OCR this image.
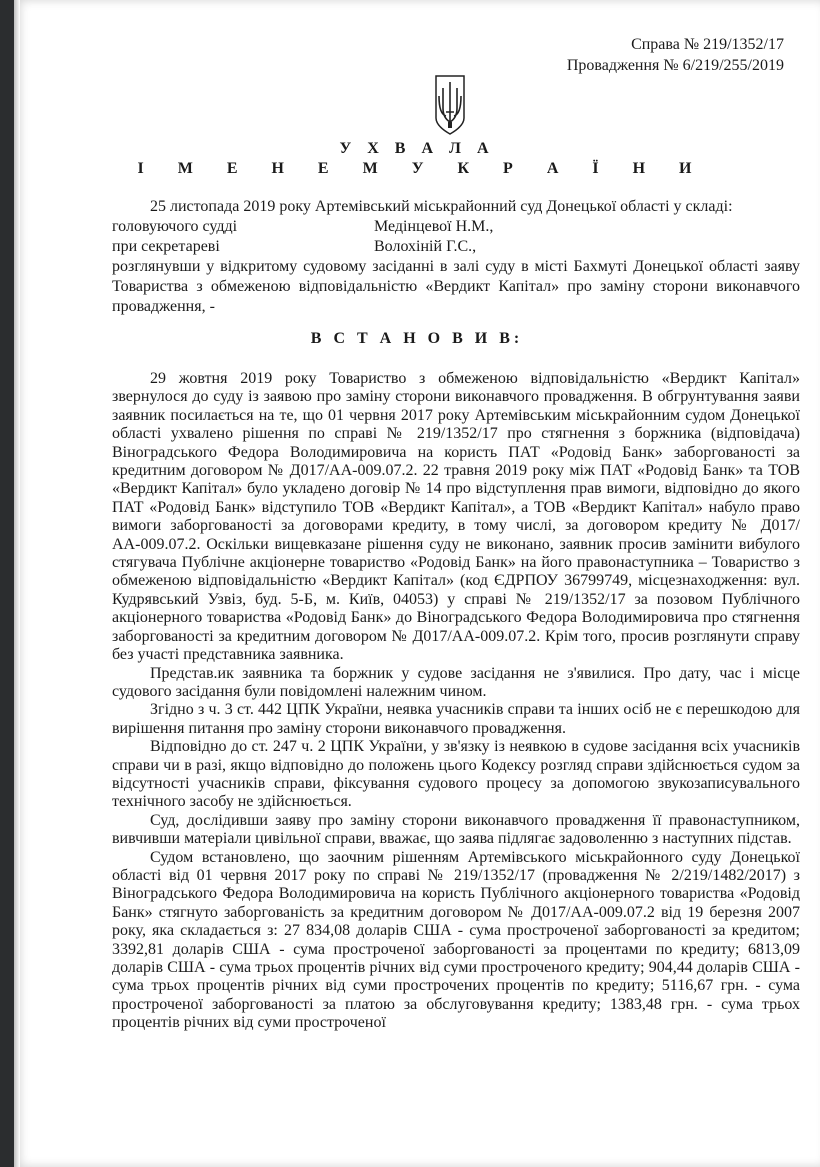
Справа № 219/1352/17
Провадження № 6/219/255/2019
У Х В А Л А
І М Е Н Е М У К Р А Ї Н И

25 листопада 2019 року Артемівський міськрайонний суд Донецької області у складі:

головуючого судді	Медінцевої Н.М.,
при секретареві	Волохіній Г.С.,

розглянувши у відкритому судовому засіданні в залі суду в місті Бахмуті Донецької області заяву Товариства з обмеженою відповідальністю «Вердикт Капітал» про заміну сторони виконавчого провадження, -

В С Т А Н О В И В:

29 жовтня 2019 року Товариство з обмеженою відповідальністю «Вердикт Капітал» звернулося до суду із заявою про заміну сторони виконавчого провадження. В обгрунтування заяви заявник посилається на те, що 01 червня 2017 року Артемівським міськрайонним судом Донецької області ухвалено рішення по справі № 219/1352/17 про стягнення з боржника (відповідача) Віноградського Федора Володимировича на користь ПАТ «Родовід Банк» заборгованості за кредитним договором № Д017/АА-009.07.2. 22 травня 2019 року між ПАТ «Родовід Банк» та ТОВ «Вердикт Капітал» було укладено договір № 14 про відступлення прав вимоги, відповідно до якого ПАТ «Родовід Банк» відступило ТОВ «Вердикт Капітал», а ТОВ «Вердикт Капітал» набуло право вимоги заборгованості за договорами кредиту, в тому числі, за договором кредиту № Д017/АА-009.07.2. Оскільки вищевказане рішення суду не виконано, заявник просив замінити вибулого стягувача Публічне акціонерне товариство «Родовід Банк» на його правонаступника – Товариство з обмеженою відповідальністю «Вердикт Капітал» (код ЄДРПОУ 36799749, місцезнаходження: вул. Кудрявський Узвіз, буд. 5-Б, м. Київ, 04053) у справі № 219/1352/17 за позовом Публічного акціонерного товариства «Родовід Банк» до Віноградського Федора Володимировича про стягнення заборгованості за кредитним договором № Д017/АА-009.07.2. Крім того, просив розглянути справу без участі представника заявника.

Представ.ик заявника та боржник у судове засідання не з'явилися. Про дату, час і місце судового засідання були повідомлені належним чином.

Згідно з ч. 3 ст. 442 ЦПК України, неявка учасників справи та інших осіб не є перешкодою для вирішення питання про заміну сторони виконавчого провадження.

Відповідно до ст. 247 ч. 2 ЦПК України, у зв'язку із неявкою в судове засідання всіх учасників справи чи в разі, якщо відповідно до положень цього Кодексу розгляд справи здійснюється судом за відсутності учасників справи, фіксування судового процесу за допомогою звукозаписувального технічного засобу не здійснюється.

Суд, дослідивши заяву про заміну сторони виконавчого провадження її правонаступником, вивчивши матеріали цивільної справи, вважає, що заява підлягає задоволенню з наступних підстав.

Судом встановлено, що заочним рішенням Артемівського міськрайонного суду Донецької області від 01 червня 2017 року по справі № 219/1352/17 (провадження № 2/219/1482/2017) з Віноградського Федора Володимировича на користь Публічного акціонерного товариства «Родовід Банк» стягнуто заборгованість за кредитним договором № Д017/АА-009.07.2 від 19 березня 2007 року, яка складається з: 27 834,08 доларів США - сума простроченої заборгованості за кредитом; 3392,81 доларів США - сума простроченої заборгованості за процентами по кредиту; 6813,09 доларів США - сума трьох процентів річних від суми простроченого кредиту; 904,44 доларів США - сума трьох процентів річних від суми прострочених процентів по кредиту; 5116,67 грн. - сума простроченої заборгованості за платою за обслуговування кредиту; 1383,48 грн. - сума трьох процентів річних від суми простроченої
